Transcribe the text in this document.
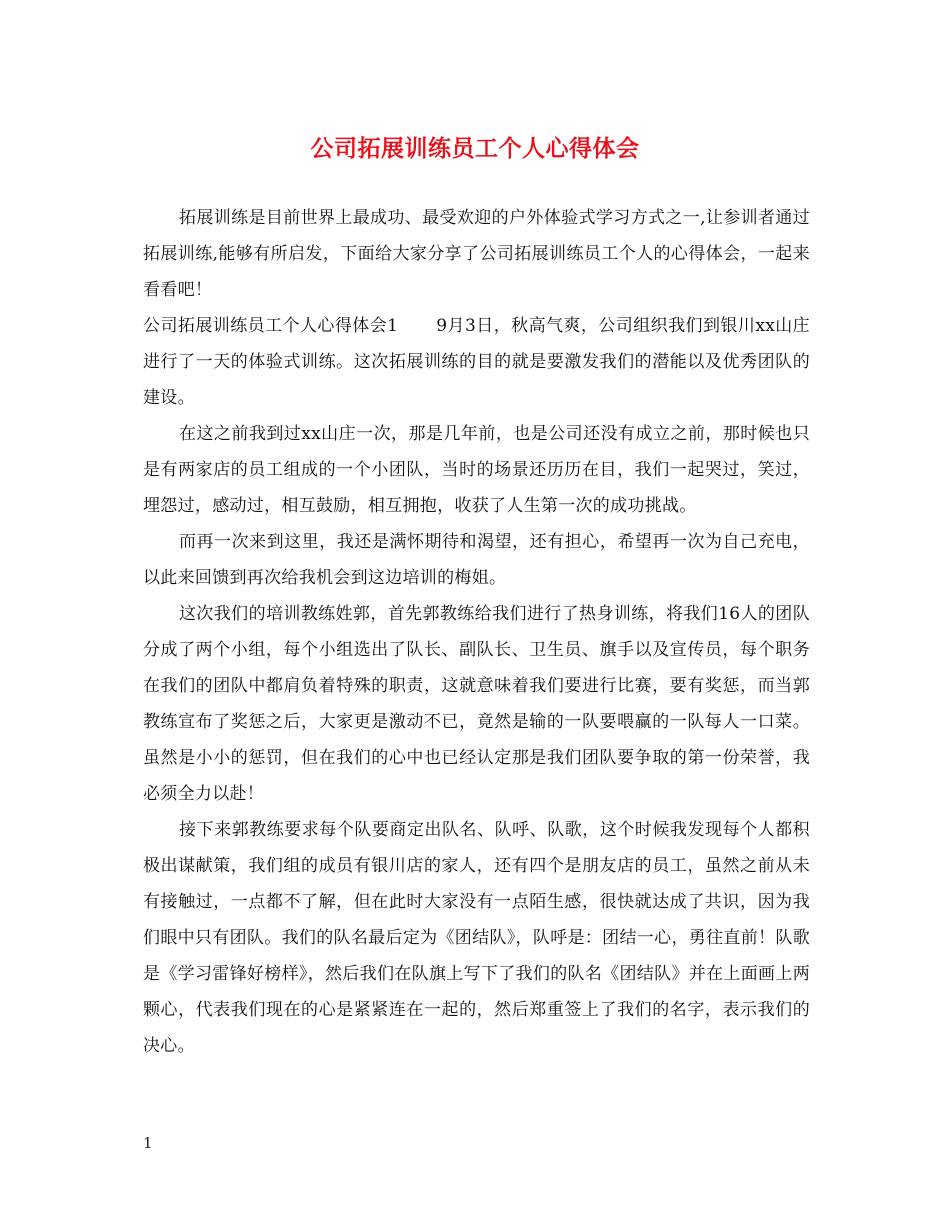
公司拓展训练员工个人心得体会

拓展训练是目前世界上最成功、最受欢迎的户外体验式学习方式之一,让参训者通过拓展训练,能够有所启发，下面给大家分享了公司拓展训练员工个人的心得体会，一起来看看吧！

公司拓展训练员工个人心得体会1 9月3日，秋高气爽，公司组织我们到银川xx山庄进行了一天的体验式训练。这次拓展训练的目的就是要激发我们的潜能以及优秀团队的建设。

在这之前我到过xx山庄一次，那是几年前，也是公司还没有成立之前，那时候也只是有两家店的员工组成的一个小团队，当时的场景还历历在目，我们一起哭过，笑过，埋怨过，感动过，相互鼓励，相互拥抱，收获了人生第一次的成功挑战。

而再一次来到这里，我还是满怀期待和渴望，还有担心，希望再一次为自己充电，以此来回馈到再次给我机会到这边培训的梅姐。

这次我们的培训教练姓郭，首先郭教练给我们进行了热身训练，将我们16人的团队分成了两个小组，每个小组选出了队长、副队长、卫生员、旗手以及宣传员，每个职务在我们的团队中都肩负着特殊的职责，这就意味着我们要进行比赛，要有奖惩，而当郭教练宣布了奖惩之后，大家更是激动不已，竟然是输的一队要喂赢的一队每人一口菜。虽然是小小的惩罚，但在我们的心中也已经认定那是我们团队要争取的第一份荣誉，我必须全力以赴！

接下来郭教练要求每个队要商定出队名、队呼、队歌，这个时候我发现每个人都积极出谋献策，我们组的成员有银川店的家人，还有四个是朋友店的员工，虽然之前从未有接触过，一点都不了解，但在此时大家没有一点陌生感，很快就达成了共识，因为我们眼中只有团队。我们的队名最后定为《团结队》，队呼是：团结一心，勇往直前！队歌是《学习雷锋好榜样》，然后我们在队旗上写下了我们的队名《团结队》并在上面画上两颗心，代表我们现在的心是紧紧连在一起的，然后郑重签上了我们的名字，表示我们的决心。

1
